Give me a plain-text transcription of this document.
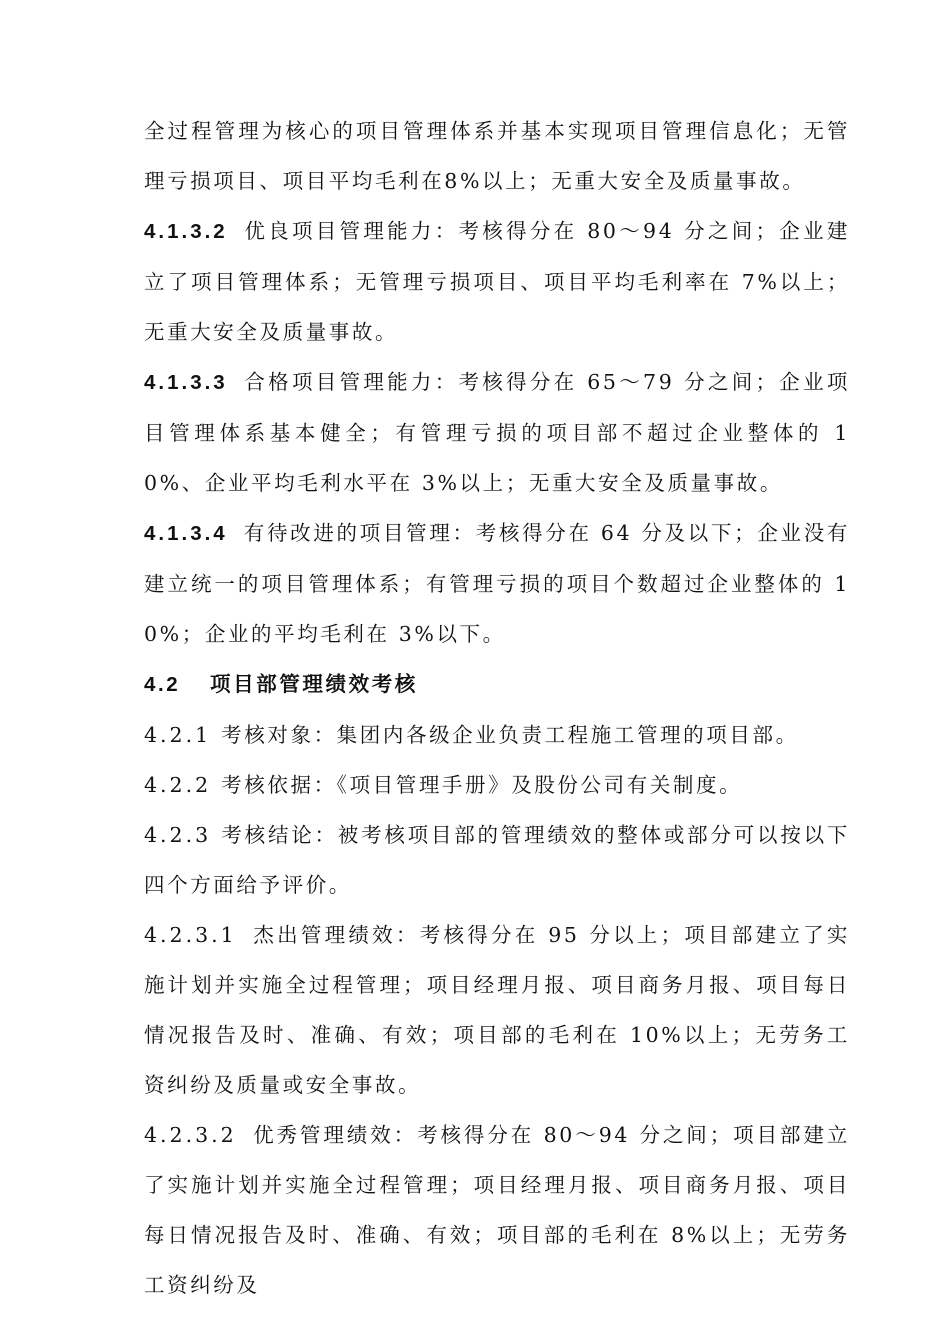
全过程管理为核心的项目管理体系并基本实现项目管理信息化；无管理亏损项目、项目平均毛利在8%以上；无重大安全及质量事故。

4.1.3.2 优良项目管理能力：考核得分在 80～94 分之间；企业建立了项目管理体系；无管理亏损项目、项目平均毛利率在 7%以上；无重大安全及质量事故。

4.1.3.3 合格项目管理能力：考核得分在 65～79 分之间；企业项目管理体系基本健全；有管理亏损的项目部不超过企业整体的 10%、企业平均毛利水平在 3%以上；无重大安全及质量事故。

4.1.3.4 有待改进的项目管理：考核得分在 64 分及以下；企业没有建立统一的项目管理体系；有管理亏损的项目个数超过企业整体的 10%；企业的平均毛利在 3%以下。

4.2 项目部管理绩效考核

4.2.1 考核对象：集团内各级企业负责工程施工管理的项目部。

4.2.2 考核依据：《项目管理手册》及股份公司有关制度。

4.2.3 考核结论：被考核项目部的管理绩效的整体或部分可以按以下四个方面给予评价。

4.2.3.1 杰出管理绩效：考核得分在 95 分以上；项目部建立了实施计划并实施全过程管理；项目经理月报、项目商务月报、项目每日情况报告及时、准确、有效；项目部的毛利在 10%以上；无劳务工资纠纷及质量或安全事故。

4.2.3.2 优秀管理绩效：考核得分在 80～94 分之间；项目部建立了实施计划并实施全过程管理；项目经理月报、项目商务月报、项目每日情况报告及时、准确、有效；项目部的毛利在 8%以上；无劳务工资纠纷及
